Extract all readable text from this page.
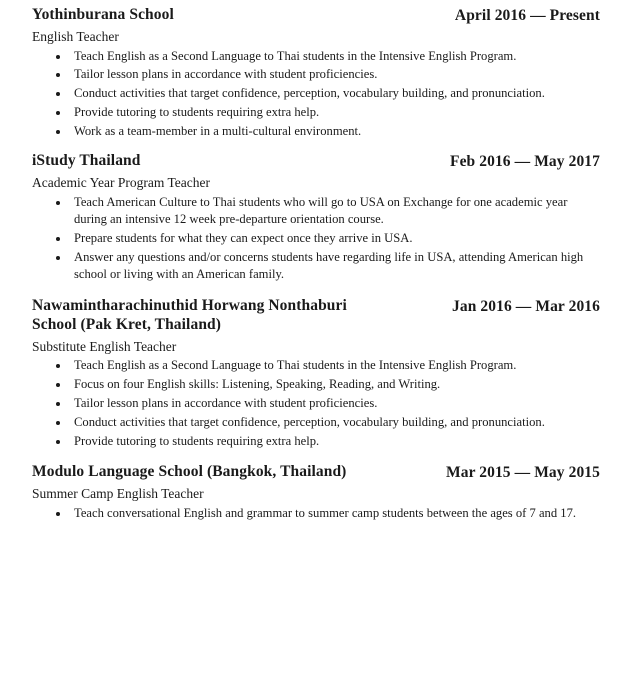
Yothinburana School	April 2016 — Present
English Teacher
• Teach English as a Second Language to Thai students in the Intensive English Program.
• Tailor lesson plans in accordance with student proficiencies.
• Conduct activities that target confidence, perception, vocabulary building, and pronunciation.
• Provide tutoring to students requiring extra help.
• Work as a team-member in a multi-cultural environment.
iStudy Thailand	Feb 2016 — May 2017
Academic Year Program Teacher
• Teach American Culture to Thai students who will go to USA on Exchange for one academic year during an intensive 12 week pre-departure orientation course.
• Prepare students for what they can expect once they arrive in USA.
• Answer any questions and/or concerns students have regarding life in USA, attending American high school or living with an American family.
Nawamintharachinuthid Horwang Nonthaburi School (Pak Kret, Thailand)
Jan 2016 — Mar 2016
Substitute English Teacher
• Teach English as a Second Language to Thai students in the Intensive English Program.
• Focus on four English skills: Listening, Speaking, Reading, and Writing.
• Tailor lesson plans in accordance with student proficiencies.
• Conduct activities that target confidence, perception, vocabulary building, and pronunciation.
• Provide tutoring to students requiring extra help.
Modulo Language School (Bangkok, Thailand)	Mar 2015 — May 2015
Summer Camp English Teacher
• Teach conversational English and grammar to summer camp students between the ages of 7 and 17.
